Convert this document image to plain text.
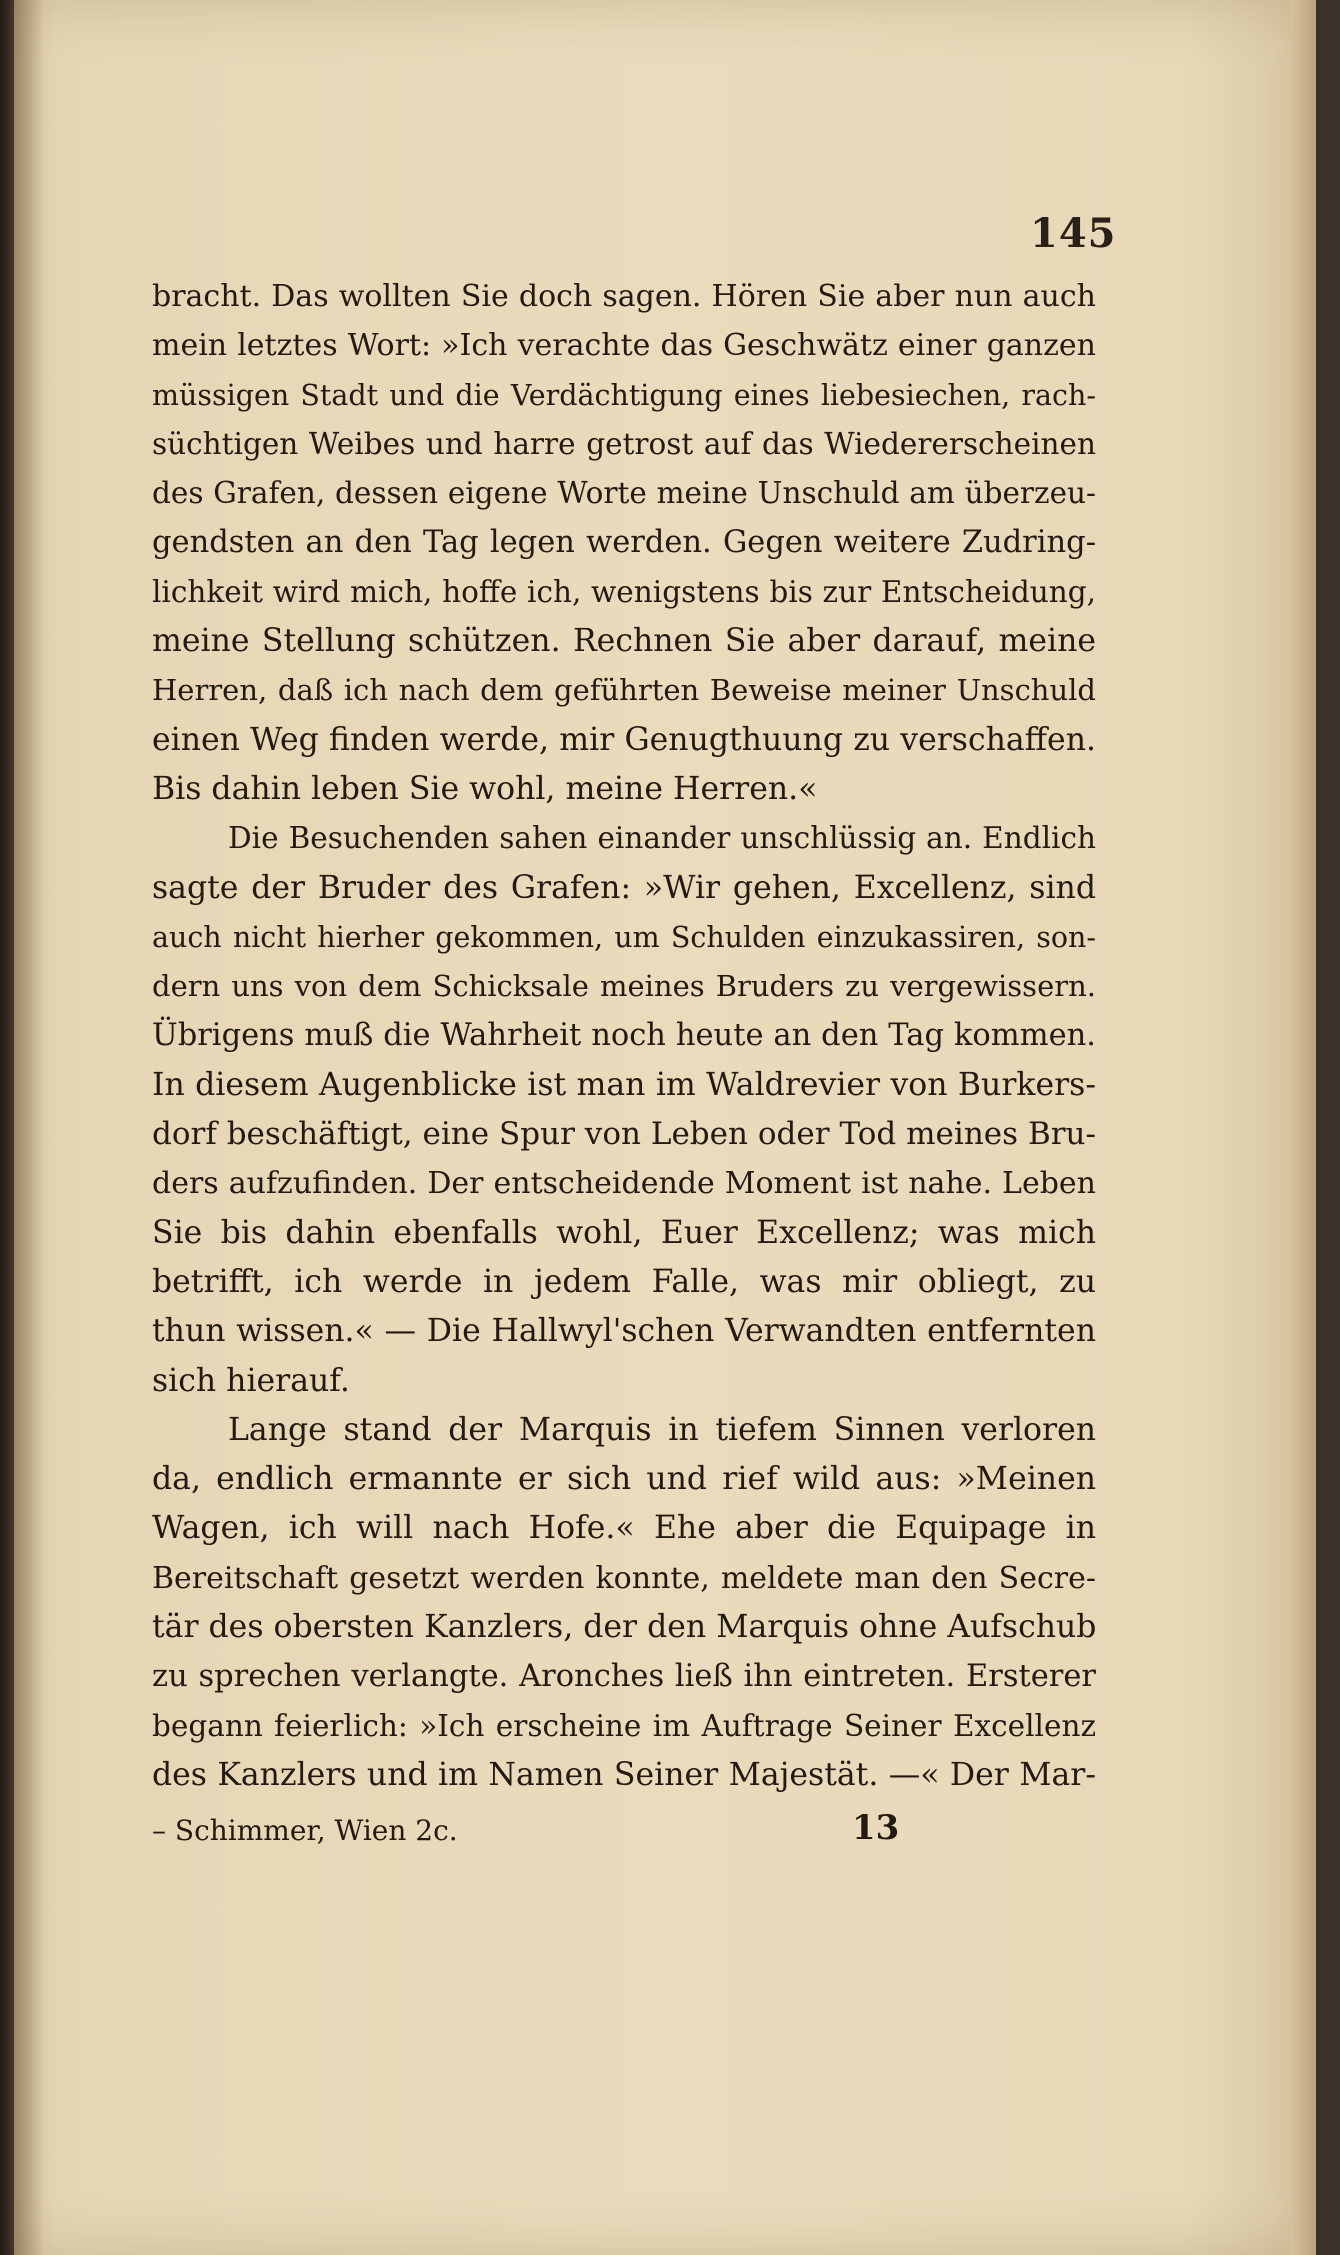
145
bracht. Das wollten Sie doch sagen. Hören Sie aber nun auch
mein letztes Wort: »Ich verachte das Geschwätz einer ganzen
müssigen Stadt und die Verdächtigung eines liebesiechen, rach-
süchtigen Weibes und harre getrost auf das Wiedererscheinen
des Grafen, dessen eigene Worte meine Unschuld am überzeu-
gendsten an den Tag legen werden. Gegen weitere Zudring-
lichkeit wird mich, hoffe ich, wenigstens bis zur Entscheidung,
meine Stellung schützen. Rechnen Sie aber darauf, meine
Herren, daß ich nach dem geführten Beweise meiner Unschuld
einen Weg finden werde, mir Genugthuung zu verschaffen.
Bis dahin leben Sie wohl, meine Herren.«
Die Besuchenden sahen einander unschlüssig an. Endlich
sagte der Bruder des Grafen: »Wir gehen, Excellenz, sind
auch nicht hierher gekommen, um Schulden einzukassiren, son-
dern uns von dem Schicksale meines Bruders zu vergewissern.
Übrigens muß die Wahrheit noch heute an den Tag kommen.
In diesem Augenblicke ist man im Waldrevier von Burkers-
dorf beschäftigt, eine Spur von Leben oder Tod meines Bru-
ders aufzufinden. Der entscheidende Moment ist nahe. Leben
Sie bis dahin ebenfalls wohl, Euer Excellenz; was mich
betrifft, ich werde in jedem Falle, was mir obliegt, zu
thun wissen.« — Die Hallwyl'schen Verwandten entfernten
sich hierauf.
Lange stand der Marquis in tiefem Sinnen verloren
da, endlich ermannte er sich und rief wild aus: »Meinen
Wagen, ich will nach Hofe.« Ehe aber die Equipage in
Bereitschaft gesetzt werden konnte, meldete man den Secre-
tär des obersten Kanzlers, der den Marquis ohne Aufschub
zu sprechen verlangte. Aronches ließ ihn eintreten. Ersterer
begann feierlich: »Ich erscheine im Auftrage Seiner Excellenz
des Kanzlers und im Namen Seiner Majestät. —« Der Mar-
– Schimmer, Wien 2c.	13
